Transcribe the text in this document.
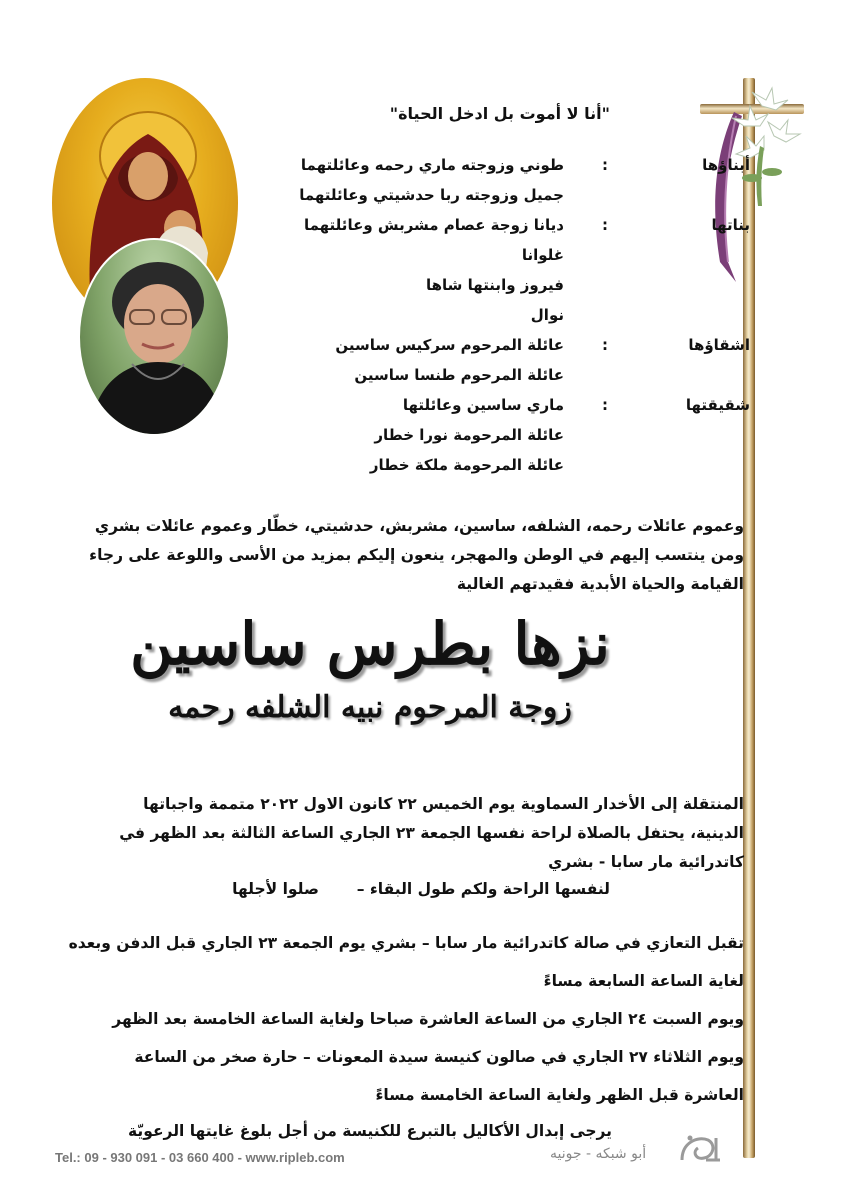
"أنا لا أموت بل ادخل الحياة"
أبناؤها
:
طوني وزوجته ماري رحمه وعائلتهما
جميل وزوجته ربا حدشيتي وعائلتهما
بناتها
:
ديانا زوجة عصام مشربش وعائلتهما
غلوانا
فيروز وابنتها شاها
نوال
اشقاؤها
:
عائلة المرحوم سركيس ساسين
عائلة المرحوم طنسا ساسين
شقيقتها
:
ماري ساسين وعائلتها
عائلة المرحومة نورا خطار
عائلة المرحومة ملكة خطار
وعموم عائلات رحمه، الشلفه، ساسين، مشربش، حدشيتي، خطّار وعموم عائلات بشري
ومن ينتسب إليهم في الوطن والمهجر، ينعون إليكم بمزيد من الأسى واللوعة على رجاء
القيامة والحياة الأبدية فقيدتهم الغالية
نزها بطرس ساسين
زوجة المرحوم نبيه الشلفه رحمه
المنتقلة إلى الأخدار السماوية يوم الخميس ٢٢ كانون الاول ٢٠٢٢ متممة واجباتها
الدينية، يحتفل بالصلاة لراحة نفسها الجمعة ٢٣ الجاري الساعة الثالثة بعد الظهر في
كاتدرائية مار سابا - بشري
لنفسها الراحة ولكم طول البقاء –       صلوا لأجلها
تقبل التعازي في صالة كاتدرائية مار سابا – بشري يوم الجمعة ٢٣ الجاري قبل الدفن وبعده
لغاية الساعة السابعة مساءً
ويوم السبت ٢٤ الجاري من الساعة العاشرة صباحا ولغاية الساعة الخامسة بعد الظهر
ويوم الثلاثاء ٢٧ الجاري في صالون كنيسة سيدة المعونات – حارة صخر من الساعة
العاشرة قبل الظهر ولغاية الساعة الخامسة مساءً
يرجى إبدال الأكاليل بالتبرع للكنيسة من أجل بلوغ غايتها الرعويّة
Tel.: 09 - 930 091 - 03 660 400 - www.ripleb.com	أبو شبكه - جونيه
